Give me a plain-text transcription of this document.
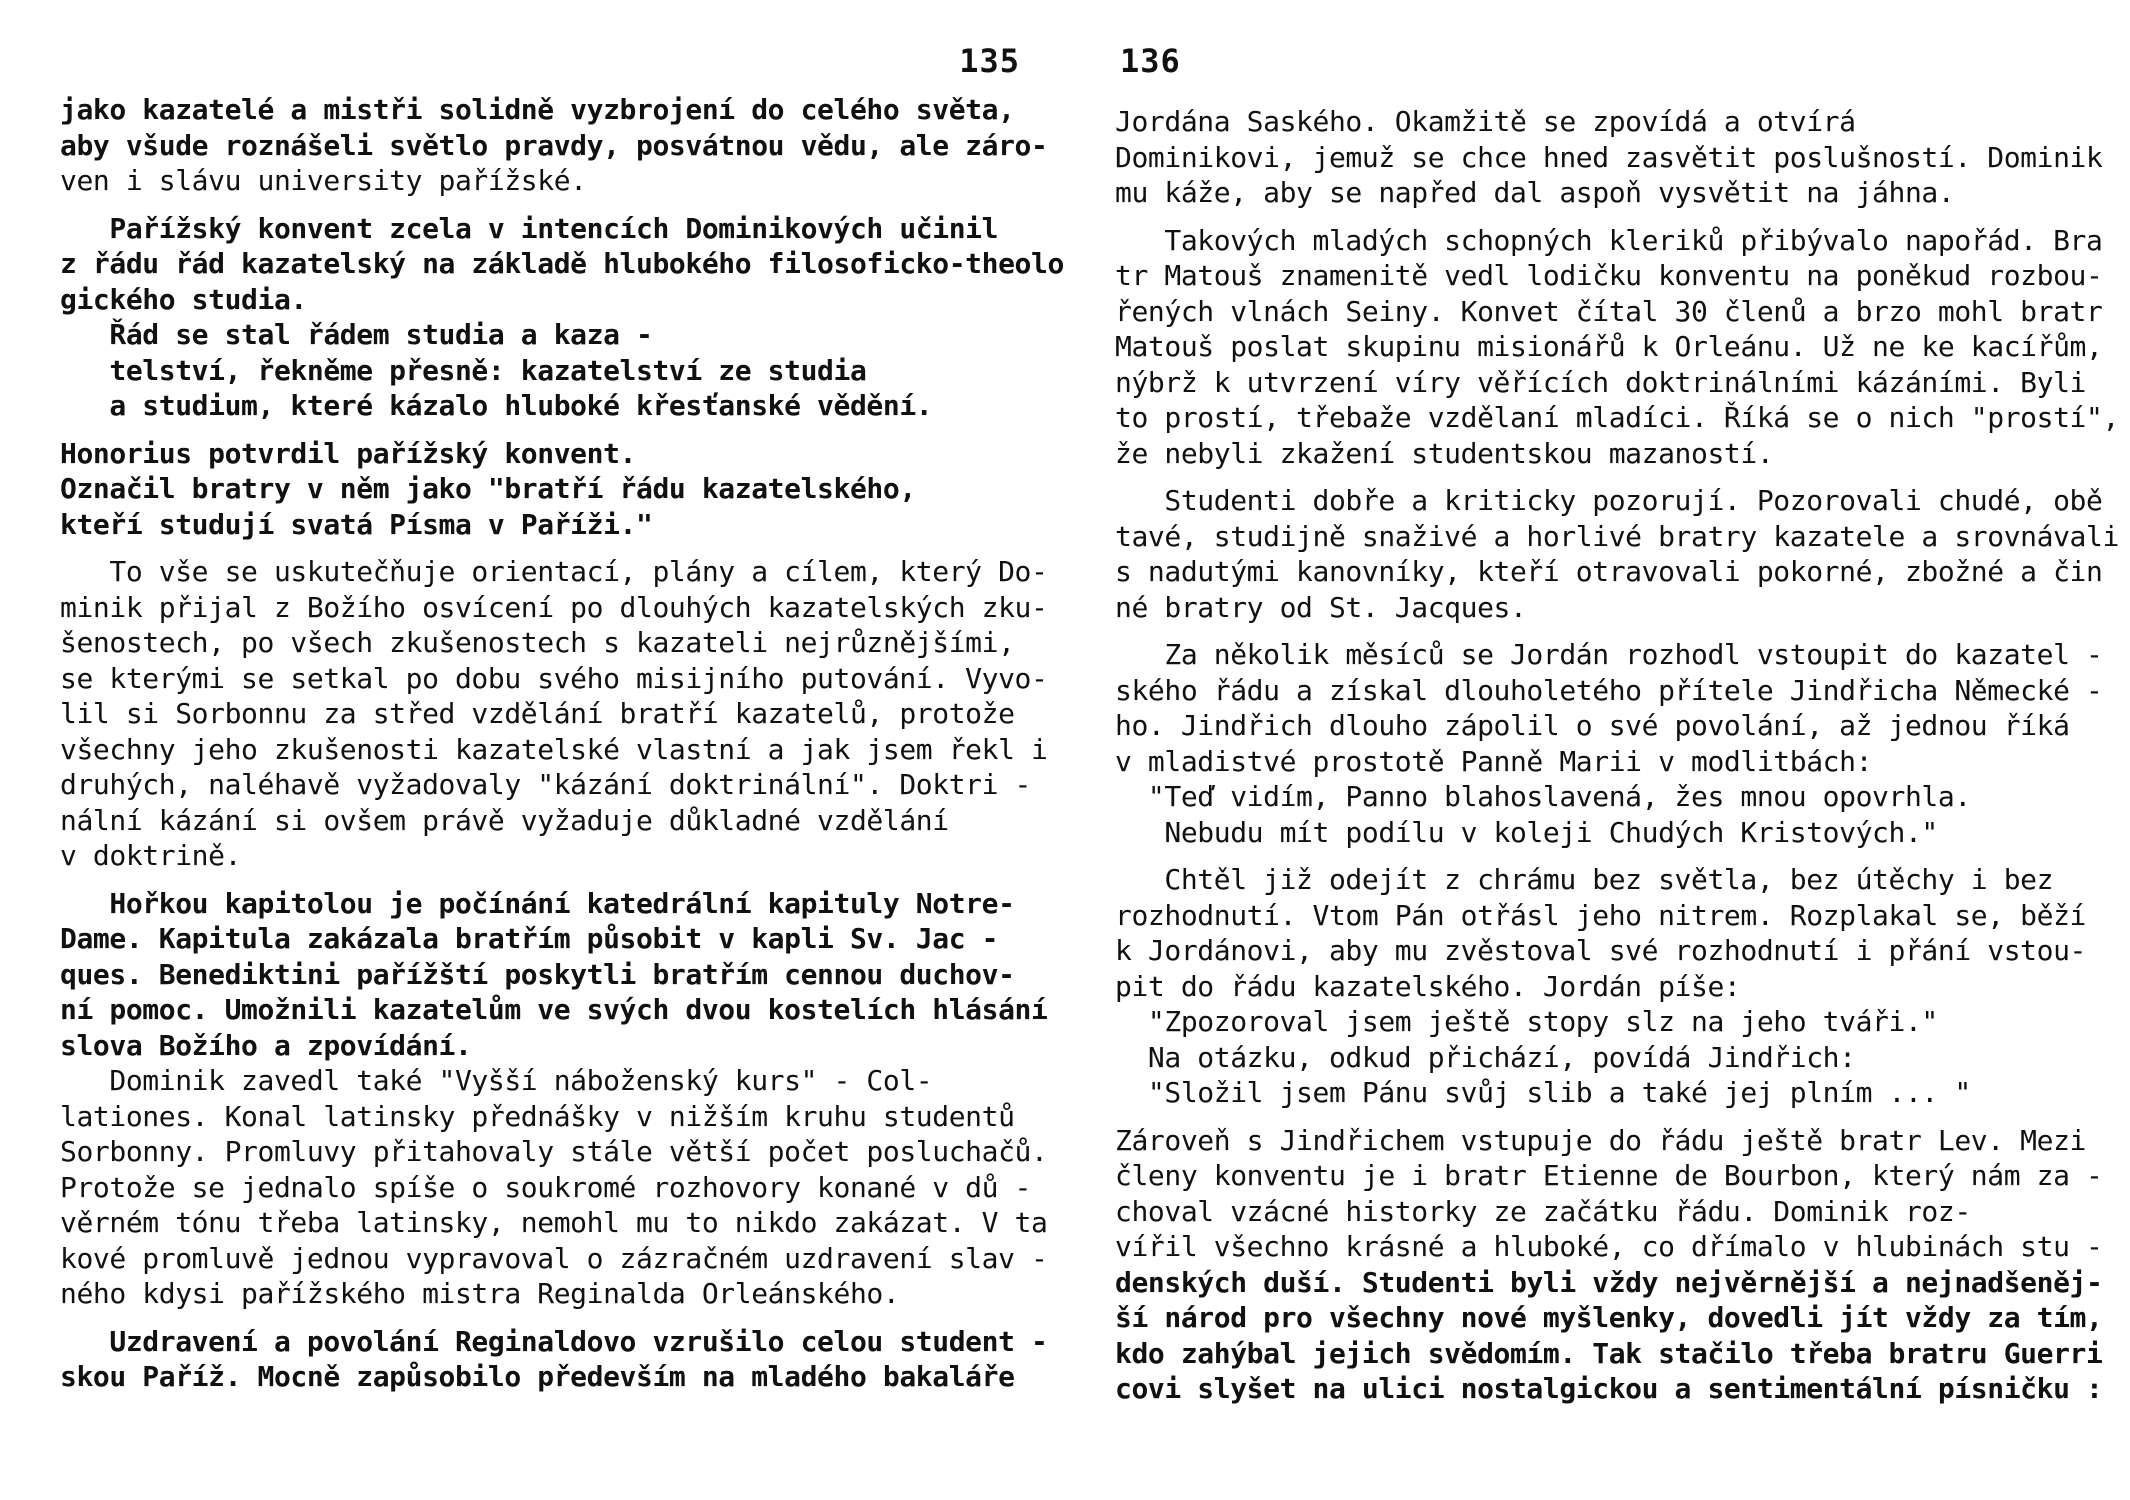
135
jako kazatelé a mistři solidně vyzbrojení do celého světa,
aby všude roznášeli světlo pravdy, posvátnou vědu, ale záro-
ven i slávu university pařížské.
Pařížský konvent zcela v intencích Dominikových učinil
z řádu řád kazatelský na základě hlubokého filosoficko-theolo
gického studia.
Řád se stal řádem studia a kaza -
telství, řekněme přesně: kazatelství ze studia
a studium, které kázalo hluboké křesťanské vědění.
Honorius potvrdil pařížský konvent.
Označil bratry v něm jako "bratří řádu kazatelského,
kteří studují svatá Písma v Paříži."
To vše se uskutečňuje orientací, plány a cílem, který Do-
minik přijal z Božího osvícení po dlouhých kazatelských zku-
šenostech, po všech zkušenostech s kazateli nejrůznějšími,
se kterými se setkal po dobu svého misijního putování. Vyvo-
lil si Sorbonnu za střed vzdělání bratří kazatelů, protože
všechny jeho zkušenosti kazatelské vlastní a jak jsem řekl i
druhých, naléhavě vyžadovaly "kázání doktrinální". Doktri -
nální kázání si ovšem právě vyžaduje důkladné vzdělání
v doktrině.
Hořkou kapitolou je počínání katedrální kapituly Notre-
Dame. Kapitula zakázala bratřím působit v kapli Sv. Jac -
ques. Benediktini pařížští poskytli bratřím cennou duchov-
ní pomoc. Umožnili kazatelům ve svých dvou kostelích hlásání
slova Božího a zpovídání.
Dominik zavedl také "Vyšší náboženský kurs" - Col-
lationes. Konal latinsky přednášky v nižším kruhu studentů
Sorbonny. Promluvy přitahovaly stále větší počet posluchačů.
Protože se jednalo spíše o soukromé rozhovory konané v dů -
věrném tónu třeba latinsky, nemohl mu to nikdo zakázat. V ta
kové promluvě jednou vypravoval o zázračném uzdravení slav -
ného kdysi pařížského mistra Reginalda Orleánského.
Uzdravení a povolání Reginaldovo vzrušilo celou student -
skou Paříž. Mocně zapůsobilo především na mladého bakaláře
136
Jordána Saského. Okamžitě se zpovídá a otvírá
Dominikovi, jemuž se chce hned zasvětit poslušností. Dominik
mu káže, aby se napřed dal aspoň vysvětit na jáhna.
Takových mladých schopných kleriků přibývalo napořád. Bra
tr Matouš znamenitě vedl lodičku konventu na poněkud rozbou-
řených vlnách Seiny. Konvet čítal 30 členů a brzo mohl bratr
Matouš poslat skupinu misionářů k Orleánu. Už ne ke kacířům,
nýbrž k utvrzení víry věřících doktrinálními kázáními. Byli
to prostí, třebaže vzdělaní mladíci. Říká se o nich "prostí",
že nebyli zkažení studentskou mazaností.
Studenti dobře a kriticky pozorují. Pozorovali chudé, obě
tavé, studijně snaživé a horlivé bratry kazatele a srovnávali
s nadutými kanovníky, kteří otravovali pokorné, zbožné a čin
né bratry od St. Jacques.
Za několik měsíců se Jordán rozhodl vstoupit do kazatel -
ského řádu a získal dlouholetého přítele Jindřicha Německé -
ho. Jindřich dlouho zápolil o své povolání, až jednou říká
v mladistvé prostotě Panně Marii v modlitbách:
"Teď vidím, Panno blahoslavená, žes mnou opovrhla.
Nebudu mít podílu v koleji Chudých Kristových."
Chtěl již odejít z chrámu bez světla, bez útěchy i bez
rozhodnutí. Vtom Pán otřásl jeho nitrem. Rozplakal se, běží
k Jordánovi, aby mu zvěstoval své rozhodnutí i přání vstou-
pit do řádu kazatelského. Jordán píše:
"Zpozoroval jsem ještě stopy slz na jeho tváři."
Na otázku, odkud přichází, povídá Jindřich:
"Složil jsem Pánu svůj slib a také jej plním ... "
Zároveň s Jindřichem vstupuje do řádu ještě bratr Lev. Mezi
členy konventu je i bratr Etienne de Bourbon, který nám za -
choval vzácné historky ze začátku řádu. Dominik roz-
vířil všechno krásné a hluboké, co dřímalo v hlubinách stu -
denských duší. Studenti byli vždy nejvěrnější a nejnadšeněj-
ší národ pro všechny nové myšlenky, dovedli jít vždy za tím,
kdo zahýbal jejich svědomím. Tak stačilo třeba bratru Guerri
covi slyšet na ulici nostalgickou a sentimentální písničku :
